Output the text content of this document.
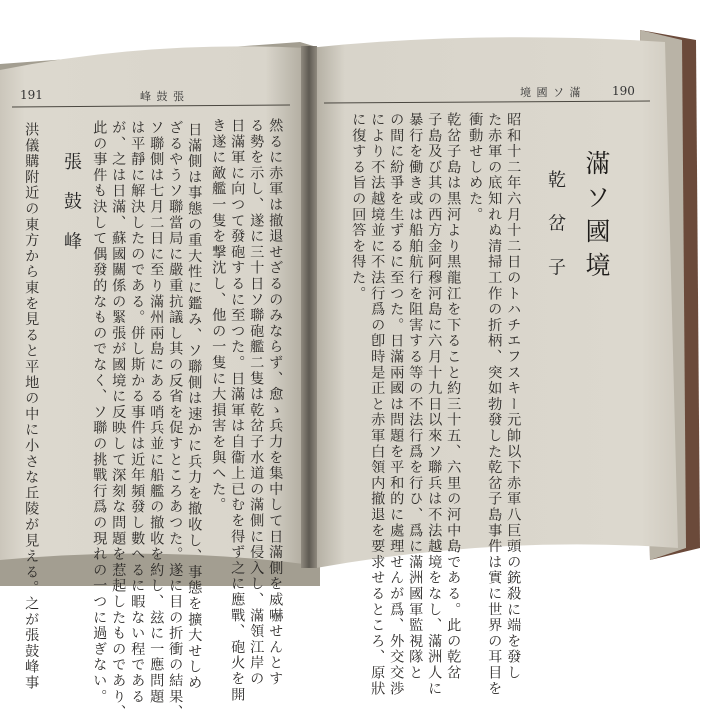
191	峰 鼓 張
然るに赤軍は撤退せざるのみならず、愈ゝ兵力を集中して日滿側を威嚇せんとす
る勢を示し、遂に三十日ソ聯砲艦二隻は乾岔子水道の滿側に侵入し、滿領江岸の
日滿軍に向つて發砲するに至つた。日滿軍は自衞上已むを得ず之に應戰、砲火を開
き遂に敵艦一隻を撃沈し、他の一隻に大損害を與へた。
日滿側は事態の重大性に鑑み、ソ聯側は速かに兵力を撤收し、事態を擴大せしめ
ざるやうソ聯當局に嚴重抗議し其の反省を促すところあつた。遂に目の折衝の結果、
ソ聯側は七月二日に至り滿州兩島にある哨兵並に船艦の撤收を約し、玆に一應問題
は平靜に解決したのである。併し斯かる事件は近年頻發し數へるに暇ない程である
が、之は日滿、蘇國關係の緊張が國境に反映して深刻な問題を惹起したものであり、
此の事件も決して偶發的なものでなく、ソ聯の挑戰行爲の現れの一つに過ぎない。
張 鼓 峰
洪儀購附近の東方から東を見ると平地の中に小さな丘陵が見える。之が張鼓峰事
境 國 ソ 滿	190
滿ソ國境
乾 岔 子
昭和十二年六月十二日のトハチエフスキー元帥以下赤軍八巨頭の銃殺に端を發し
た赤軍の底知れぬ清掃工作の折柄、突如勃發した乾岔子島事件は實に世界の耳目を
衝動せしめた。
乾岔子島は黒河より黒龍江を下ること約三十五、六里の河中島である。此の乾岔
子島及び其の西方金阿穆河島に六月十九日以來ソ聯兵は不法越境をなし、滿洲人に
暴行を働き或は船舶航行を阻害する等の不法行爲を行ひ、爲に滿洲國軍監視隊と
の間に紛爭を生ずるに至つた。日滿兩國は問題を平和的に處理せんが爲、外交交渉
により不法越境並に不法行爲の卽時是正と赤軍白領内撤退を要求せるところ、原狀
に復する旨の回答を得た。
